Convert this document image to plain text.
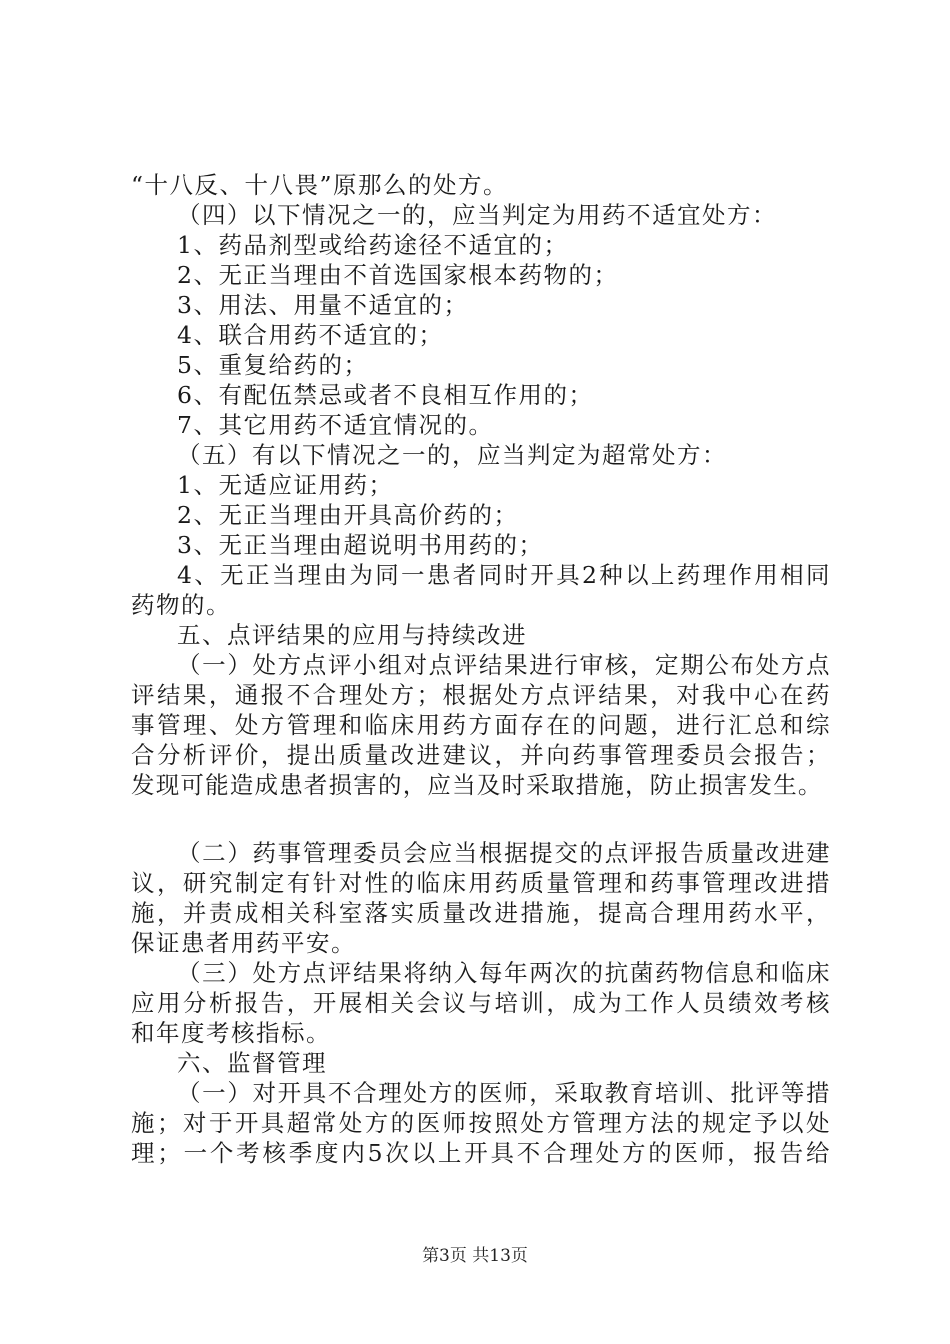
“十八反、十八畏”原那么的处方。
（四）以下情况之一的，应当判定为用药不适宜处方：
1、药品剂型或给药途径不适宜的；
2、无正当理由不首选国家根本药物的；
3、用法、用量不适宜的；
4、联合用药不适宜的；
5、重复给药的；
6、有配伍禁忌或者不良相互作用的；
7、其它用药不适宜情况的。
（五）有以下情况之一的，应当判定为超常处方：
1、无适应证用药；
2、无正当理由开具高价药的；
3、无正当理由超说明书用药的；
4、无正当理由为同一患者同时开具2种以上药理作用相同
药物的。
五、点评结果的应用与持续改进
（一）处方点评小组对点评结果进行审核，定期公布处方点
评结果，通报不合理处方；根据处方点评结果，对我中心在药
事管理、处方管理和临床用药方面存在的问题，进行汇总和综
合分析评价，提出质量改进建议，并向药事管理委员会报告；
发现可能造成患者损害的，应当及时采取措施，防止损害发生。
（二）药事管理委员会应当根据提交的点评报告质量改进建
议，研究制定有针对性的临床用药质量管理和药事管理改进措
施，并责成相关科室落实质量改进措施，提高合理用药水平，
保证患者用药平安。
（三）处方点评结果将纳入每年两次的抗菌药物信息和临床
应用分析报告，开展相关会议与培训，成为工作人员绩效考核
和年度考核指标。
六、监督管理
（一）对开具不合理处方的医师，采取教育培训、批评等措
施；对于开具超常处方的医师按照处方管理方法的规定予以处
理；一个考核季度内5次以上开具不合理处方的医师，报告给
第3页 共13页
